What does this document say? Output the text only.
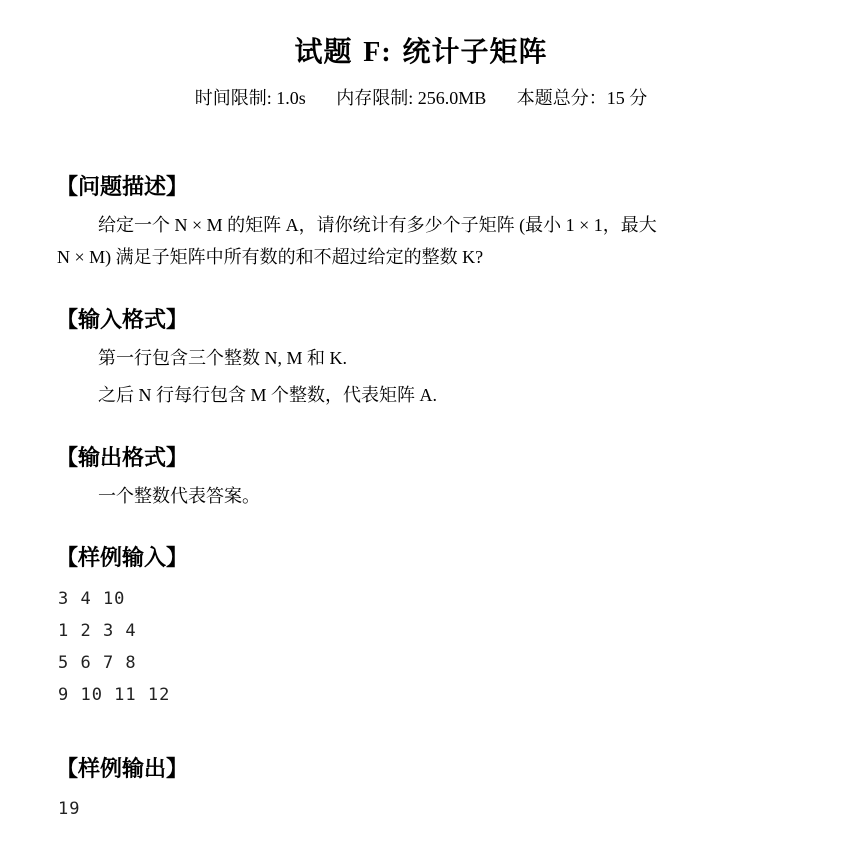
试题 F: 统计子矩阵
时间限制: 1.0s 内存限制: 256.0MB 本题总分：15 分
【问题描述】
给定一个 N × M 的矩阵 A，请你统计有多少个子矩阵 (最小 1 × 1，最大
N × M) 满足子矩阵中所有数的和不超过给定的整数 K?
【输入格式】
第一行包含三个整数 N, M 和 K.
之后 N 行每行包含 M 个整数，代表矩阵 A.
【输出格式】
一个整数代表答案。
【样例输入】
3 4 10
1 2 3 4
5 6 7 8
9 10 11 12
【样例输出】
19
